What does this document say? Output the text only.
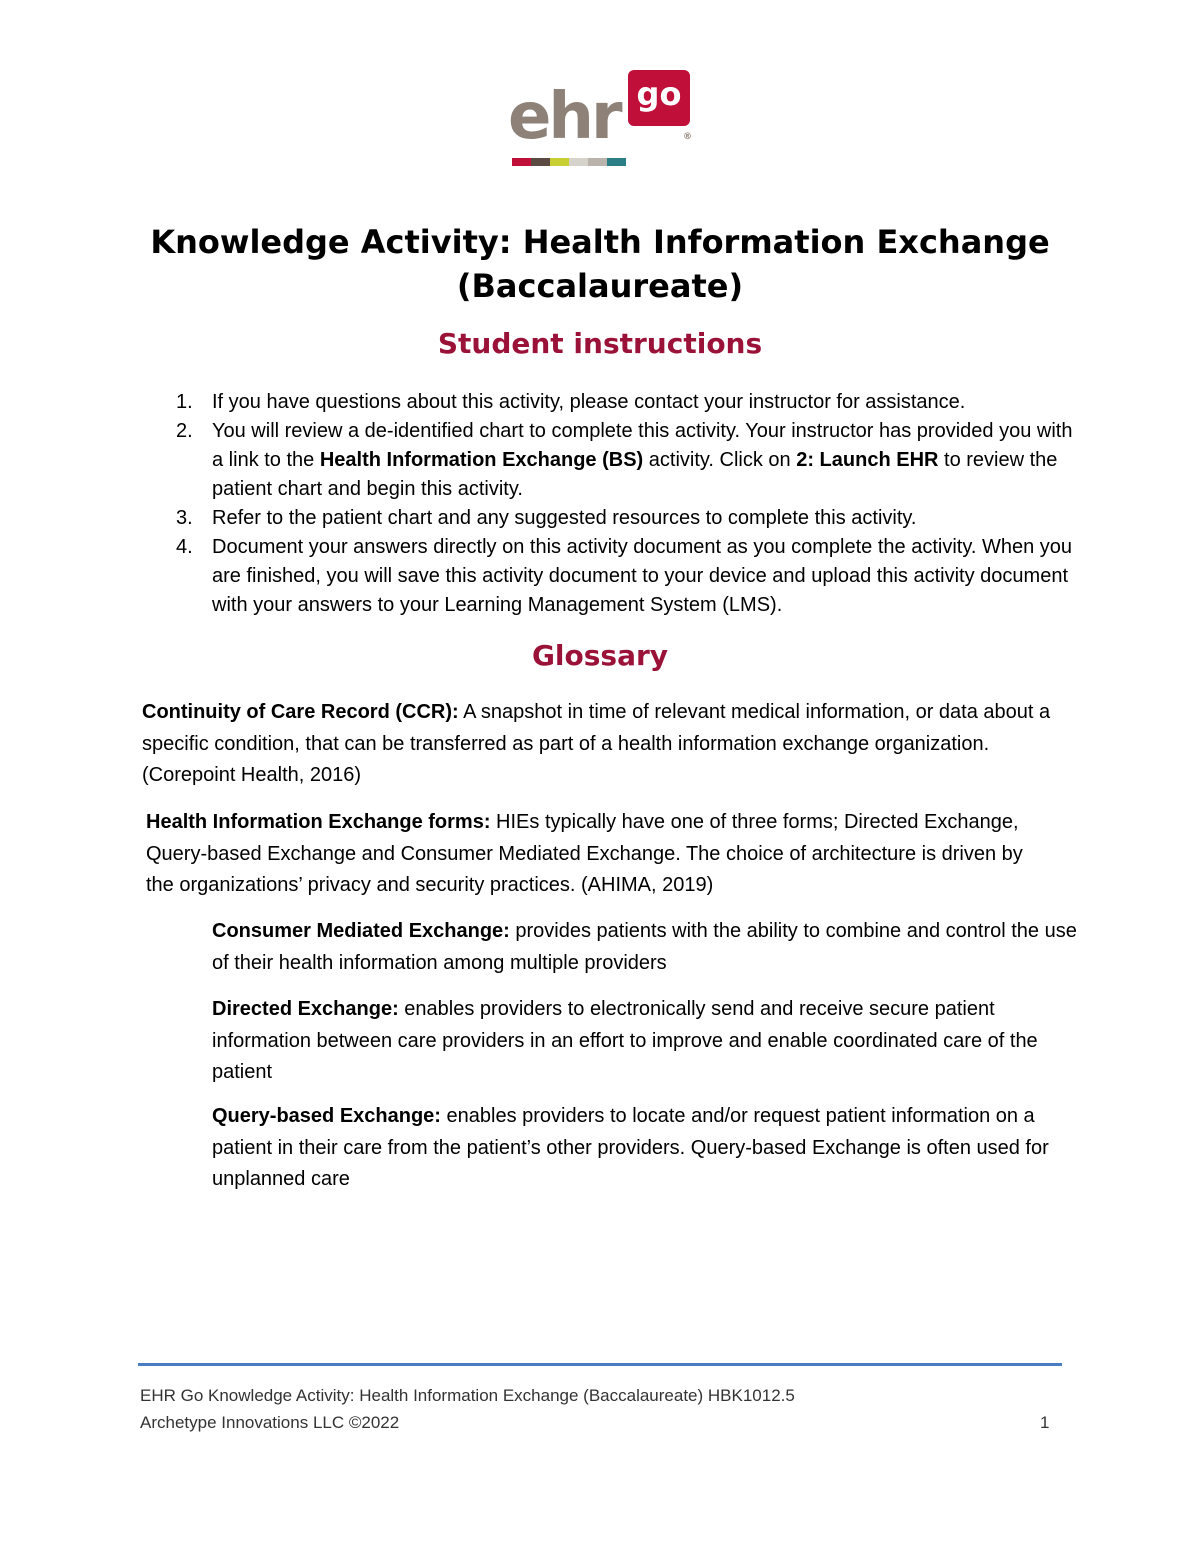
ehr go ®
Knowledge Activity: Health Information Exchange
(Baccalaureate)
Student instructions
1. If you have questions about this activity, please contact your instructor for assistance.
2. You will review a de-identified chart to complete this activity. Your instructor has provided you with a link to the Health Information Exchange (BS) activity. Click on 2: Launch EHR to review the patient chart and begin this activity.
3. Refer to the patient chart and any suggested resources to complete this activity.
4. Document your answers directly on this activity document as you complete the activity. When you are finished, you will save this activity document to your device and upload this activity document with your answers to your Learning Management System (LMS).
Glossary

Continuity of Care Record (CCR): A snapshot in time of relevant medical information, or data about a specific condition, that can be transferred as part of a health information exchange organization. (Corepoint Health, 2016)

Health Information Exchange forms: HIEs typically have one of three forms; Directed Exchange, Query-based Exchange and Consumer Mediated Exchange. The choice of architecture is driven by the organizations’ privacy and security practices. (AHIMA, 2019)

Consumer Mediated Exchange: provides patients with the ability to combine and control the use of their health information among multiple providers

Directed Exchange: enables providers to electronically send and receive secure patient information between care providers in an effort to improve and enable coordinated care of the patient

Query-based Exchange: enables providers to locate and/or request patient information on a patient in their care from the patient’s other providers. Query-based Exchange is often used for unplanned care

EHR Go Knowledge Activity: Health Information Exchange (Baccalaureate) HBK1012.5

Archetype Innovations LLC ©2022	1
